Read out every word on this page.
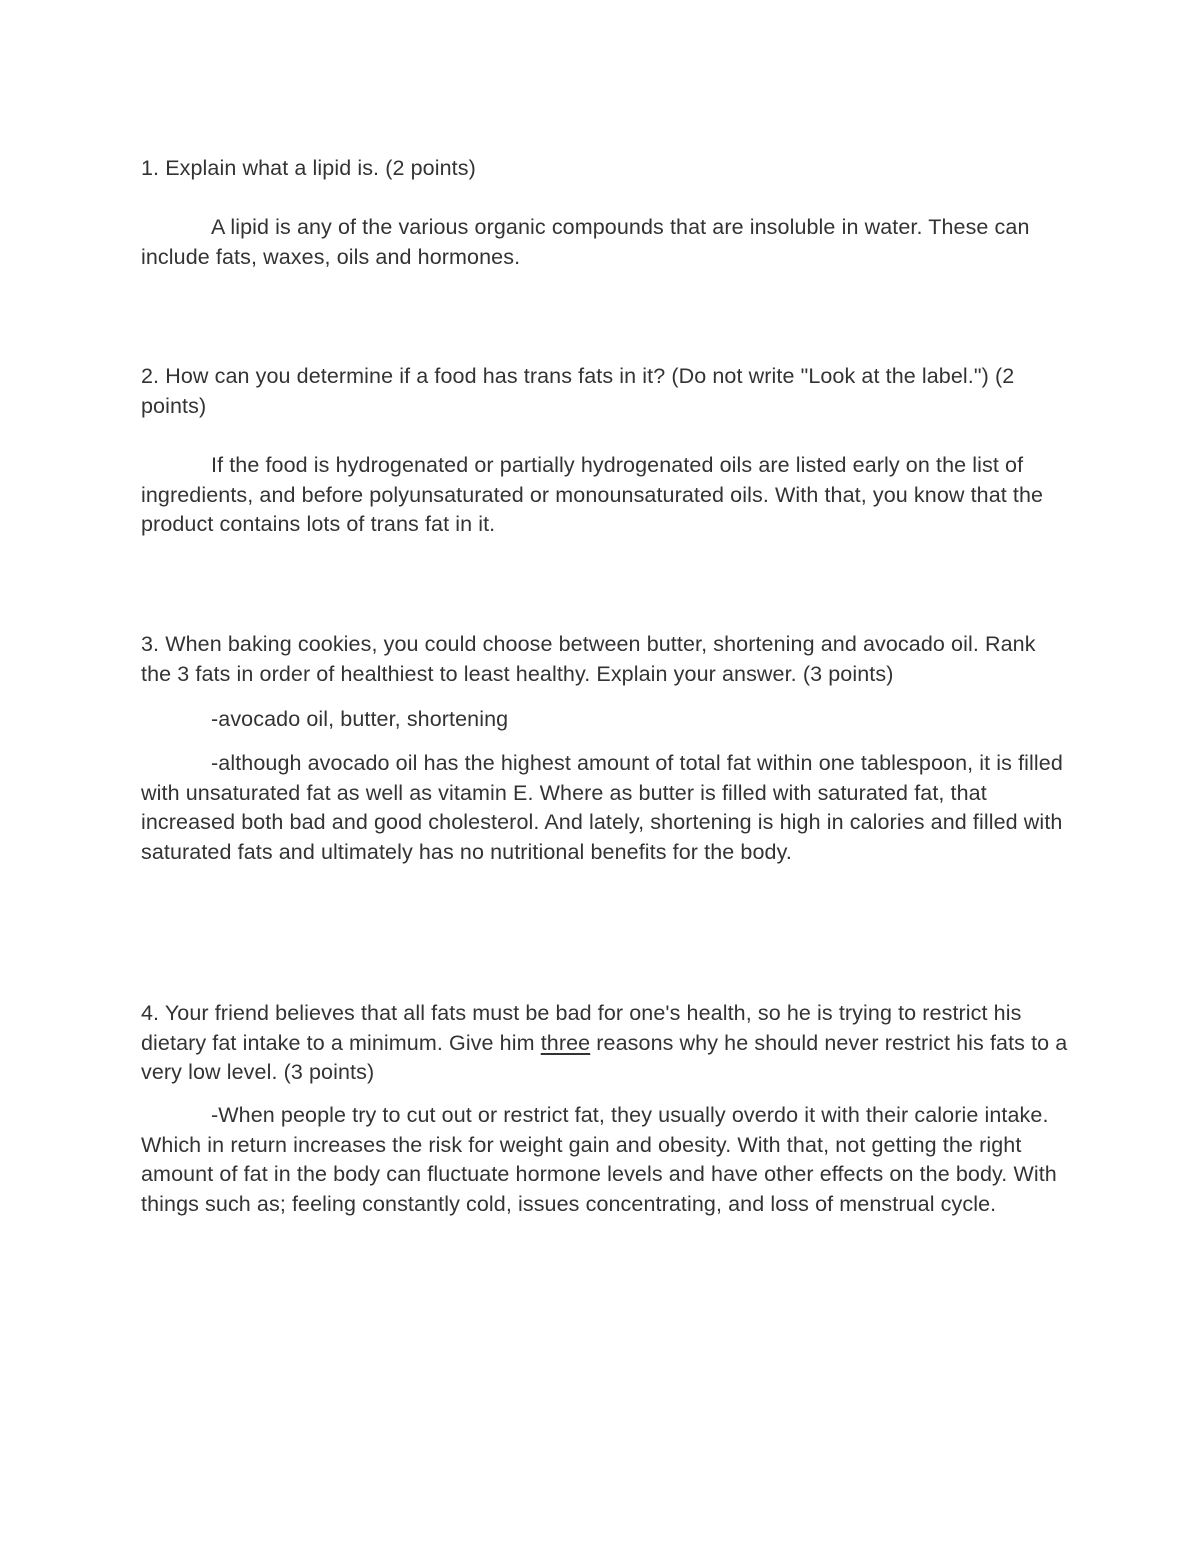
1. Explain what a lipid is. (2 points)

A lipid is any of the various organic compounds that are insoluble in water. These can include fats, waxes, oils and hormones.

2. How can you determine if a food has trans fats in it? (Do not write "Look at the label.") (2 points)

If the food is hydrogenated or partially hydrogenated oils are listed early on the list of ingredients, and before polyunsaturated or monounsaturated oils. With that, you know that the product contains lots of trans fat in it.

3. When baking cookies, you could choose between butter, shortening and avocado oil. Rank the 3 fats in order of healthiest to least healthy. Explain your answer. (3 points)

-avocado oil, butter, shortening

-although avocado oil has the highest amount of total fat within one tablespoon, it is filled with unsaturated fat as well as vitamin E. Where as butter is filled with saturated fat, that increased both bad and good cholesterol. And lately, shortening is high in calories and filled with saturated fats and ultimately has no nutritional benefits for the body.

4. Your friend believes that all fats must be bad for one's health, so he is trying to restrict his dietary fat intake to a minimum. Give him three reasons why he should never restrict his fats to a very low level. (3 points)

-When people try to cut out or restrict fat, they usually overdo it with their calorie intake. Which in return increases the risk for weight gain and obesity. With that, not getting the right amount of fat in the body can fluctuate hormone levels and have other effects on the body. With things such as; feeling constantly cold, issues concentrating, and loss of menstrual cycle.
